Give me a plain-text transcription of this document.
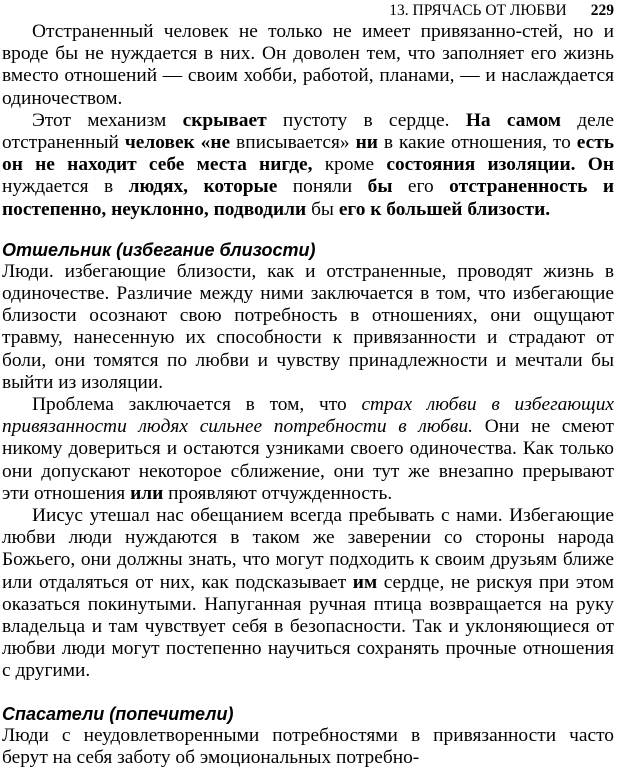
13. ПРЯЧАСЬ ОТ ЛЮБВИ 229

Отстраненный человек не только не имеет привязанно-стей, но и вроде бы не нуждается в них. Он доволен тем, что заполняет его жизнь вместо отношений — своим хобби, работой, планами, — и наслаждается одиночеством.

Этот механизм скрывает пустоту в сердце. На самом деле отстраненный человек «не вписывается» ни в какие отношения, то есть он не находит себе места нигде, кроме состояния изоляции. Он нуждается в людях, которые поняли бы его отстраненность и постепенно, неуклонно, подводили бы его к большей близости.

Отшельник (избегание близости)

Люди. избегающие близости, как и отстраненные, проводят жизнь в одиночестве. Различие между ними заключается в том, что избегающие близости осознают свою потребность в отношениях, они ощущают травму, нанесенную их способности к привязанности и страдают от боли, они томятся по любви и чувству принадлежности и мечтали бы выйти из изоляции.

Проблема заключается в том, что страх любви в избегающих привязанности людях сильнее потребности в любви. Они не смеют никому довериться и остаются узниками своего одиночества. Как только они допускают некоторое сближение, они тут же внезапно прерывают эти отношения или проявляют отчужденность.

Иисус утешал нас обещанием всегда пребывать с нами. Избегающие любви люди нуждаются в таком же заверении со стороны народа Божьего, они должны знать, что могут подходить к своим друзьям ближе или отдаляться от них, как подсказывает им сердце, не рискуя при этом оказаться покинутыми. Напуганная ручная птица возвращается на руку владельца и там чувствует себя в безопасности. Так и уклоняющиеся от любви люди могут постепенно научиться сохранять прочные отношения с другими.

Спасатели (попечители)

Люди с неудовлетворенными потребностями в привязанности часто берут на себя заботу об эмоциональных потребно-
